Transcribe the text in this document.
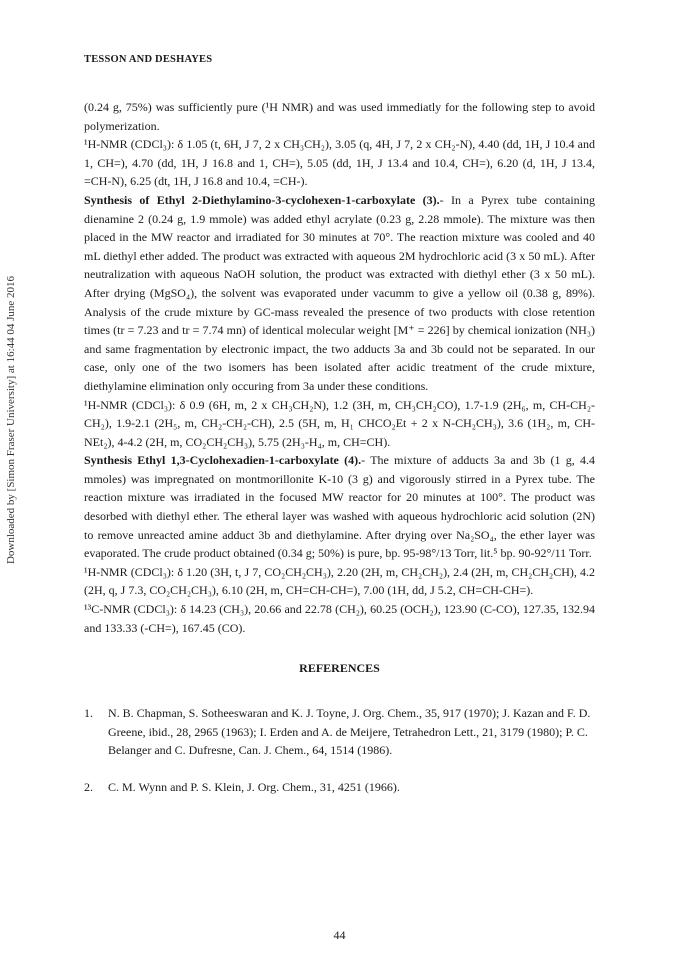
TESSON AND DESHAYES
Downloaded by [Simon Fraser University] at 16:44 04 June 2016

(0.24 g, 75%) was sufficiently pure (¹H NMR) and was used immediatly for the following step to avoid polymerization.

¹H-NMR (CDCl₃): δ 1.05 (t, 6H, J 7, 2 x CH₃CH₂), 3.05 (q, 4H, J 7, 2 x CH₂-N), 4.40 (dd, 1H, J 10.4 and 1, CH=), 4.70 (dd, 1H, J 16.8 and 1, CH=), 5.05 (dd, 1H, J 13.4 and 10.4, CH=), 6.20 (d, 1H, J 13.4, =CH-N), 6.25 (dt, 1H, J 16.8 and 10.4, =CH-).

Synthesis of Ethyl 2-Diethylamino-3-cyclohexen-1-carboxylate (3).- In a Pyrex tube containing dienamine 2 (0.24 g, 1.9 mmole) was added ethyl acrylate (0.23 g, 2.28 mmole). The mixture was then placed in the MW reactor and irradiated for 30 minutes at 70°. The reaction mixture was cooled and 40 mL diethyl ether added. The product was extracted with aqueous 2M hydrochloric acid (3 x 50 mL). After neutralization with aqueous NaOH solution, the product was extracted with diethyl ether (3 x 50 mL). After drying (MgSO₄), the solvent was evaporated under vacumm to give a yellow oil (0.38 g, 89%). Analysis of the crude mixture by GC-mass revealed the presence of two products with close retention times (tr = 7.23 and tr = 7.74 mn) of identical molecular weight [M⁺ = 226] by chemical ionization (NH₃) and same fragmentation by electronic impact, the two adducts 3a and 3b could not be separated. In our case, only one of the two isomers has been isolated after acidic treatment of the crude mixture, diethylamine elimination only occuring from 3a under these conditions.

¹H-NMR (CDCl₃): δ 0.9 (6H, m, 2 x CH₃CH₂N), 1.2 (3H, m, CH₃CH₂CO), 1.7-1.9 (2H₆, m, CH-CH₂-CH₂), 1.9-2.1 (2H₅, m, CH₂-CH₂-CH), 2.5 (5H, m, H₁ CHCO₂Et + 2 x N-CH₂CH₃), 3.6 (1H₂, m, CH-NEt₂), 4-4.2 (2H, m, CO₂CH₂CH₃), 5.75 (2H₃-H₄, m, CH=CH).

Synthesis Ethyl 1,3-Cyclohexadien-1-carboxylate (4).- The mixture of adducts 3a and 3b (1 g, 4.4 mmoles) was impregnated on montmorillonite K-10 (3 g) and vigorously stirred in a Pyrex tube. The reaction mixture was irradiated in the focused MW reactor for 20 minutes at 100°. The product was desorbed with diethyl ether. The etheral layer was washed with aqueous hydrochloric acid solution (2N) to remove unreacted amine adduct 3b and diethylamine. After drying over Na₂SO₄, the ether layer was evaporated. The crude product obtained (0.34 g; 50%) is pure, bp. 95-98°/13 Torr, lit.⁵ bp. 90-92°/11 Torr.

¹H-NMR (CDCl₃): δ 1.20 (3H, t, J 7, CO₂CH₂CH₃), 2.20 (2H, m, CH₂CH₂), 2.4 (2H, m, CH₂CH₂CH), 4.2 (2H, q, J 7.3, CO₂CH₂CH₃), 6.10 (2H, m, CH=CH-CH=), 7.00 (1H, dd, J 5.2, CH=CH-CH=).

¹³C-NMR (CDCl₃): δ 14.23 (CH₃), 20.66 and 22.78 (CH₂), 60.25 (OCH₂), 123.90 (C-CO), 127.35, 132.94 and 133.33 (-CH=), 167.45 (CO).

REFERENCES
1.	N. B. Chapman, S. Sotheeswaran and K. J. Toyne, J. Org. Chem., 35, 917 (1970); J. Kazan and F. D. Greene, ibid., 28, 2965 (1963); I. Erden and A. de Meijere, Tetrahedron Lett., 21, 3179 (1980); P. C. Belanger and C. Dufresne, Can. J. Chem., 64, 1514 (1986).
2.	C. M. Wynn and P. S. Klein, J. Org. Chem., 31, 4251 (1966).
44
